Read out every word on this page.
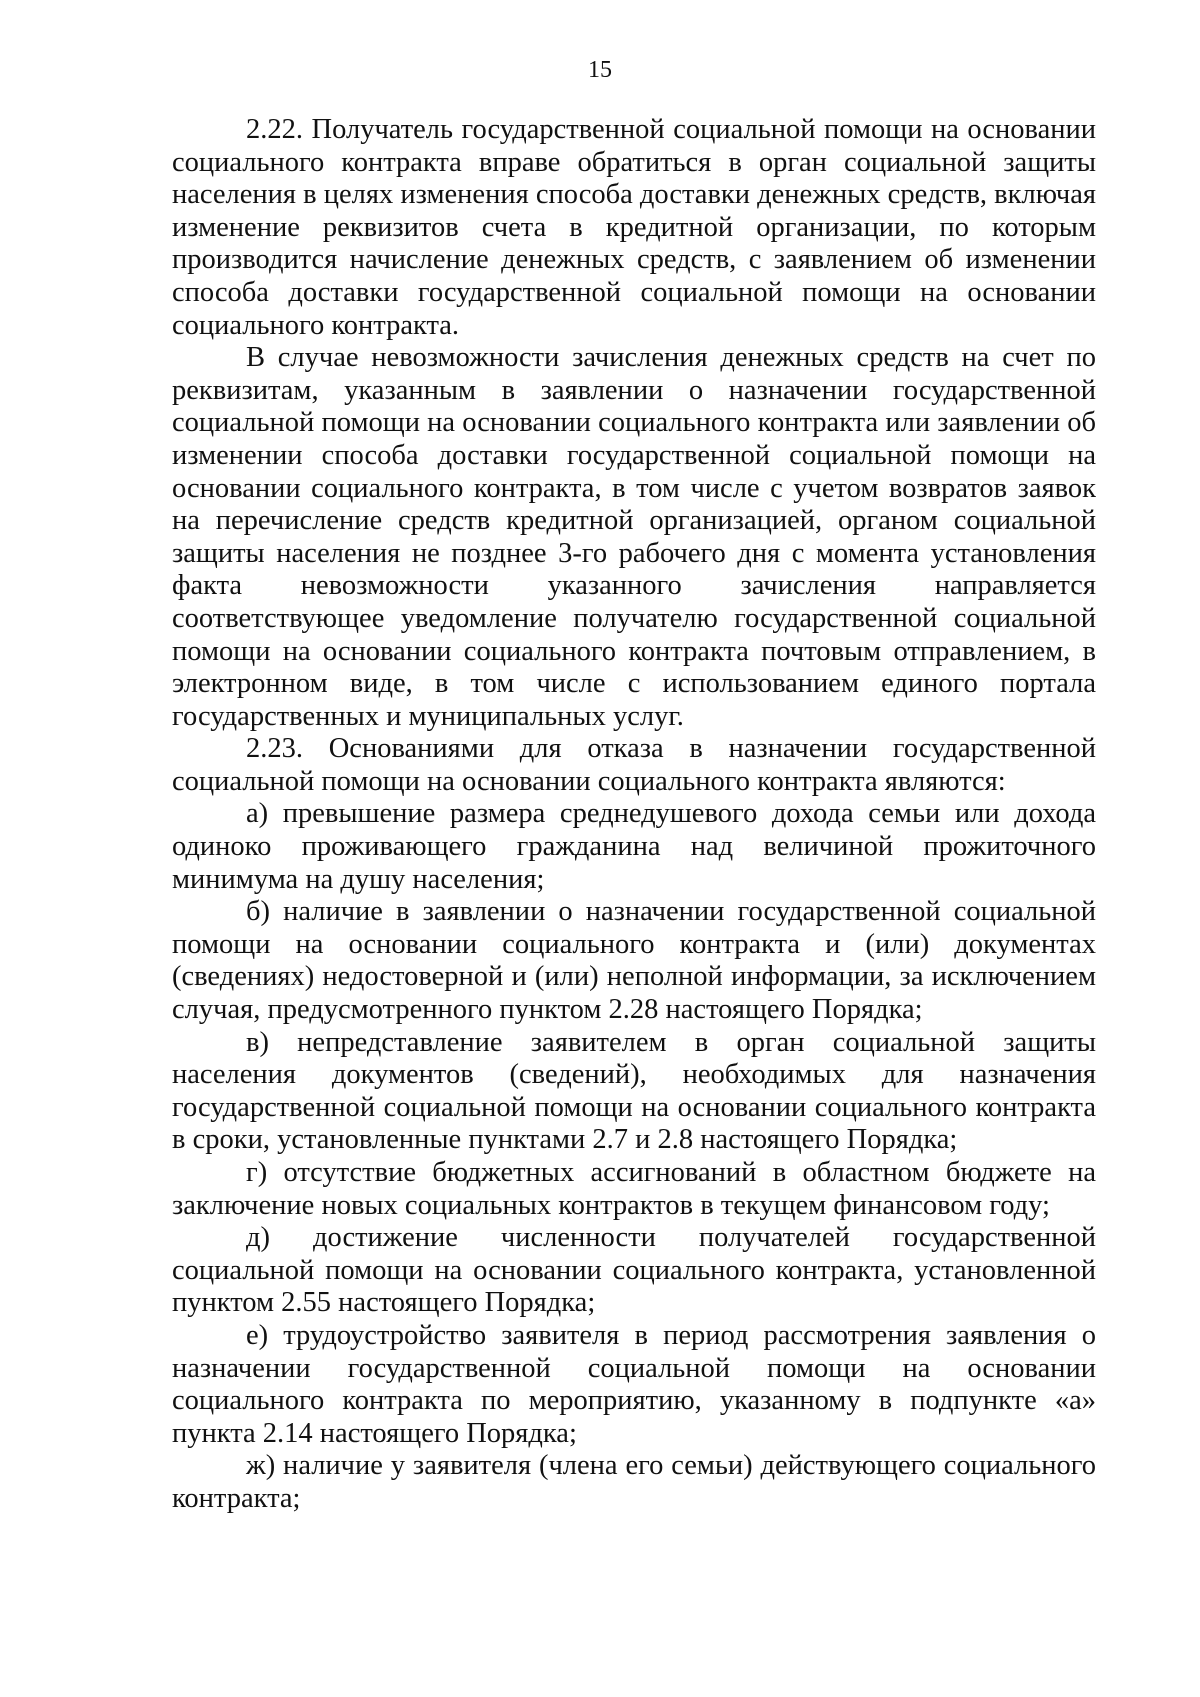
15

2.22. Получатель государственной социальной помощи на основании социального контракта вправе обратиться в орган социальной защиты населения в целях изменения способа доставки денежных средств, включая изменение реквизитов счета в кредитной организации, по которым производится начисление денежных средств, с заявлением об изменении способа доставки государственной социальной помощи на основании социального контракта.

В случае невозможности зачисления денежных средств на счет по реквизитам, указанным в заявлении о назначении государственной социальной помощи на основании социального контракта или заявлении об изменении способа доставки государственной социальной помощи на основании социального контракта, в том числе с учетом возвратов заявок на перечисление средств кредитной организацией, органом социальной защиты населения не позднее 3-го рабочего дня с момента установления факта невозможности указанного зачисления направляется соответствующее уведомление получателю государственной социальной помощи на основании социального контракта почтовым отправлением, в электронном виде, в том числе с использованием единого портала государственных и муниципальных услуг.

2.23. Основаниями для отказа в назначении государственной социальной помощи на основании социального контракта являются:

а) превышение размера среднедушевого дохода семьи или дохода одиноко проживающего гражданина над величиной прожиточного минимума на душу населения;

б) наличие в заявлении о назначении государственной социальной помощи на основании социального контракта и (или) документах (сведениях) недостоверной и (или) неполной информации, за исключением случая, предусмотренного пунктом 2.28 настоящего Порядка;

в) непредставление заявителем в орган социальной защиты населения документов (сведений), необходимых для назначения государственной социальной помощи на основании социального контракта в сроки, установленные пунктами 2.7 и 2.8 настоящего Порядка;

г) отсутствие бюджетных ассигнований в областном бюджете на заключение новых социальных контрактов в текущем финансовом году;

д) достижение численности получателей государственной социальной помощи на основании социального контракта, установленной пунктом 2.55 настоящего Порядка;

е) трудоустройство заявителя в период рассмотрения заявления о назначении государственной социальной помощи на основании социального контракта по мероприятию, указанному в подпункте «а» пункта 2.14 настоящего Порядка;

ж) наличие у заявителя (члена его семьи) действующего социального контракта;
